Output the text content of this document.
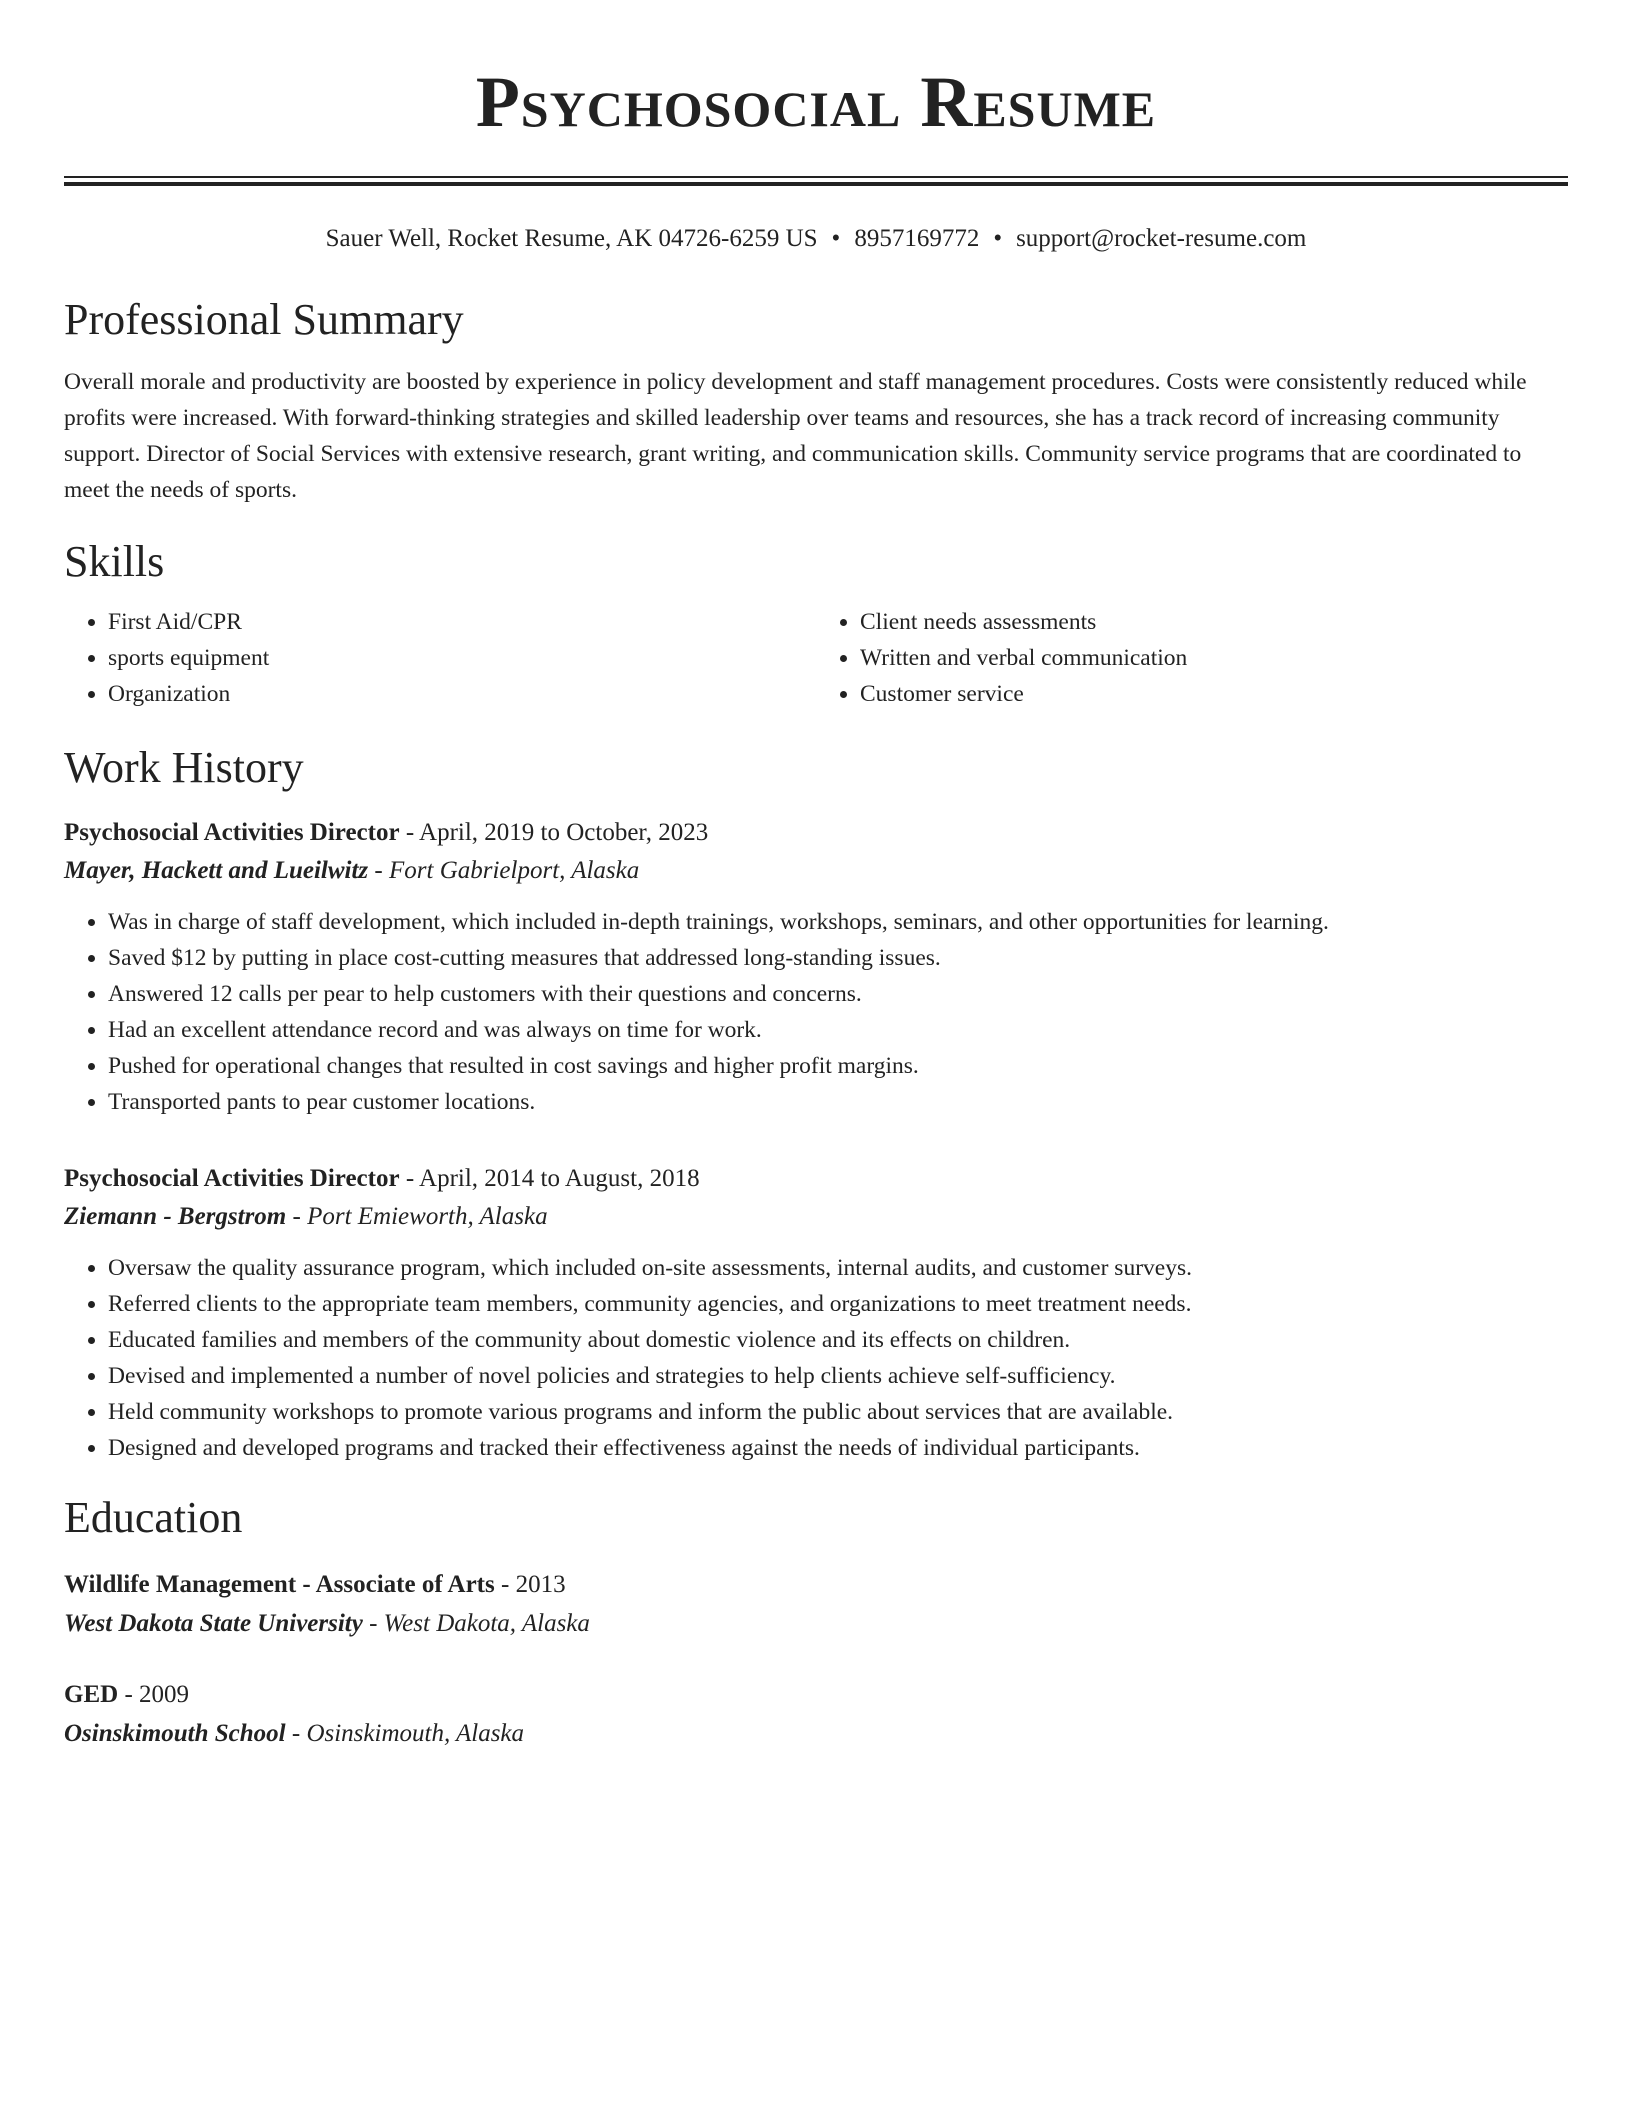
Psychosocial Resume
Sauer Well, Rocket Resume, AK 04726-6259 US • 8957169772 • support@rocket-resume.com
Professional Summary

Overall morale and productivity are boosted by experience in policy development and staff management procedures. Costs were consistently reduced while profits were increased. With forward-thinking strategies and skilled leadership over teams and resources, she has a track record of increasing community support. Director of Social Services with extensive research, grant writing, and communication skills. Community service programs that are coordinated to meet the needs of sports.

Skills
• First Aid/CPR
• sports equipment
• Organization
• Client needs assessments
• Written and verbal communication
• Customer service
Work History
Psychosocial Activities Director - April, 2019 to October, 2023
Mayer, Hackett and Lueilwitz - Fort Gabrielport, Alaska
• Was in charge of staff development, which included in-depth trainings, workshops, seminars, and other opportunities for learning.
• Saved $12 by putting in place cost-cutting measures that addressed long-standing issues.
• Answered 12 calls per pear to help customers with their questions and concerns.
• Had an excellent attendance record and was always on time for work.
• Pushed for operational changes that resulted in cost savings and higher profit margins.
• Transported pants to pear customer locations.
Psychosocial Activities Director - April, 2014 to August, 2018
Ziemann - Bergstrom - Port Emieworth, Alaska
• Oversaw the quality assurance program, which included on-site assessments, internal audits, and customer surveys.
• Referred clients to the appropriate team members, community agencies, and organizations to meet treatment needs.
• Educated families and members of the community about domestic violence and its effects on children.
• Devised and implemented a number of novel policies and strategies to help clients achieve self-sufficiency.
• Held community workshops to promote various programs and inform the public about services that are available.
• Designed and developed programs and tracked their effectiveness against the needs of individual participants.
Education
Wildlife Management - Associate of Arts - 2013
West Dakota State University - West Dakota, Alaska
GED - 2009
Osinskimouth School - Osinskimouth, Alaska
